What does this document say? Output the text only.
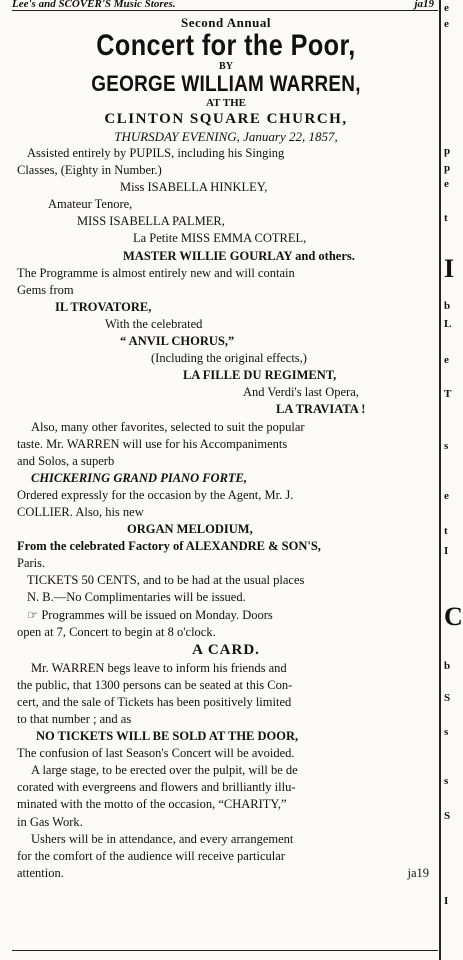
Lee's and SCOVER'S Music Stores.	ja19 e
e
p
p
e
t
I
b
L
e
T
s
e
t
I
C
b
S
s
s
S
I
Second Annual
Concert for the Poor,
BY
GEORGE WILLIAM WARREN,
AT THE
CLINTON SQUARE CHURCH,
THURSDAY EVENING, January 22, 1857,
Assisted entirely by PUPILS, including his Singing
Classes, (Eighty in Number.)
Miss ISABELLA HINKLEY,
Amateur Tenore,
MISS ISABELLA PALMER,
La Petite MISS EMMA COTREL,
MASTER WILLIE GOURLAY and others.
The Programme is almost entirely new and will contain
Gems from
IL TROVATORE,
With the celebrated
“ ANVIL CHORUS,”
(Including the original effects,)
LA FILLE DU REGIMENT,
And Verdi's last Opera,
LA TRAVIATA !
Also, many other favorites, selected to suit the popular
taste. Mr. WARREN will use for his Accompaniments
and Solos, a superb
CHICKERING GRAND PIANO FORTE,
Ordered expressly for the occasion by the Agent, Mr. J.
COLLIER. Also, his new
ORGAN MELODIUM,
From the celebrated Factory of ALEXANDRE & SON'S,
Paris.
TICKETS 50 CENTS, and to be had at the usual places
N. B.—No Complimentaries will be issued.
☞ Programmes will be issued on Monday. Doors
open at 7, Concert to begin at 8 o'clock.
A CARD.
Mr. WARREN begs leave to inform his friends and
the public, that 1300 persons can be seated at this Con-
cert, and the sale of Tickets has been positively limited
to that number ; and as
NO TICKETS WILL BE SOLD AT THE DOOR,
The confusion of last Season's Concert will be avoided.
A large stage, to be erected over the pulpit, will be de
corated with evergreens and flowers and brilliantly illu-
minated with the motto of the occasion, “CHARITY,”
in Gas Work.
Ushers will be in attendance, and every arrangement
for the comfort of the audience will receive particular
attention.	ja19
